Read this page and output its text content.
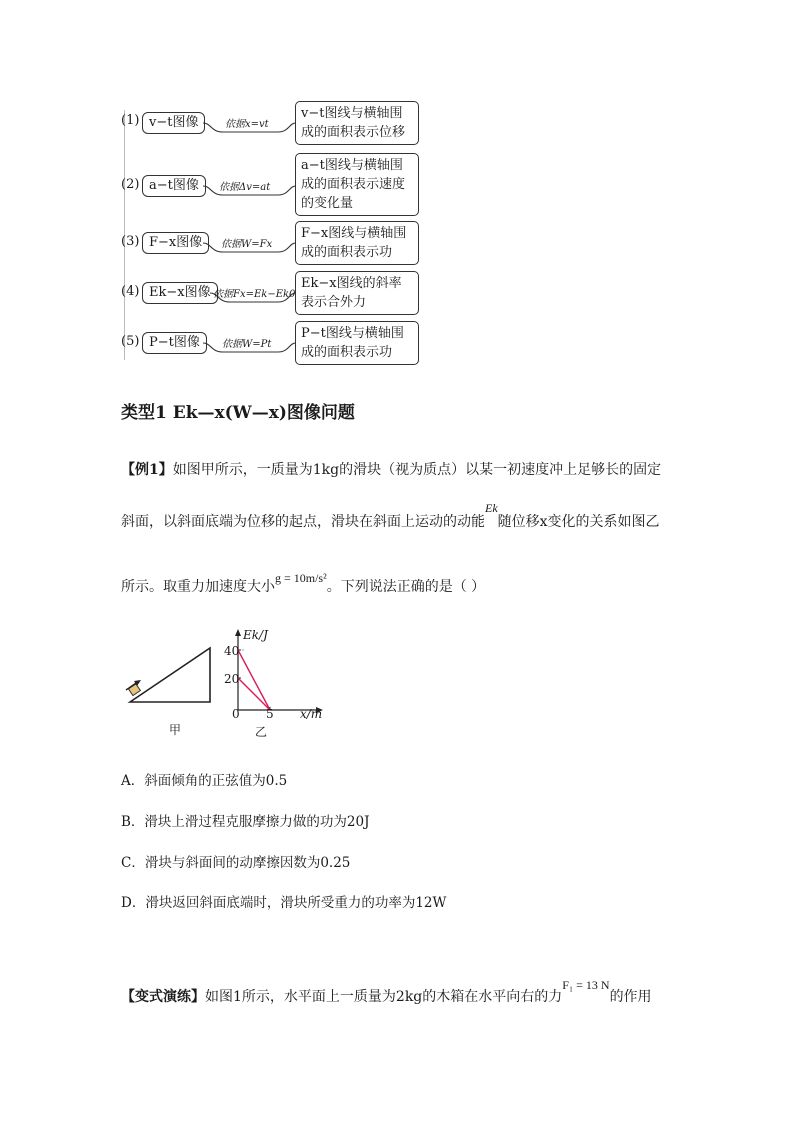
(1) v−t图像	依据x=vt
v−t图线与横轴围成的面积表示位移
(2) a−t图像	依据Δv=at
a−t图线与横轴围成的面积表示速度的变化量
(3) F−x图像	依据W=Fx
F−x图线与横轴围成的面积表示功
(4) Ek−x图像 依据Fx=Ek−Ek0
Ek−x图线的斜率表示合外力
(5) P−t图像	依据W=Pt
P−t图线与横轴围成的面积表示功
类型1 Ek—x(W—x)图像问题
【例1】如图甲所示，一质量为1kg的滑块（视为质点）以某一初速度冲上足够长的固定
斜面，以斜面底端为位移的起点，滑块在斜面上运动的动能Ek随位移x变化的关系如图乙
所示。取重力加速度大小g = 10m/s²。下列说法正确的是（ ）
甲
Ek/J
40
20
0 5 x/m
乙
A．斜面倾角的正弦值为0.5
B．滑块上滑过程克服摩擦力做的功为20J
C．滑块与斜面间的动摩擦因数为0.25
D．滑块返回斜面底端时，滑块所受重力的功率为12W
【变式演练】如图1所示，水平面上一质量为2kg的木箱在水平向右的力F₁ = 13 N的作用
